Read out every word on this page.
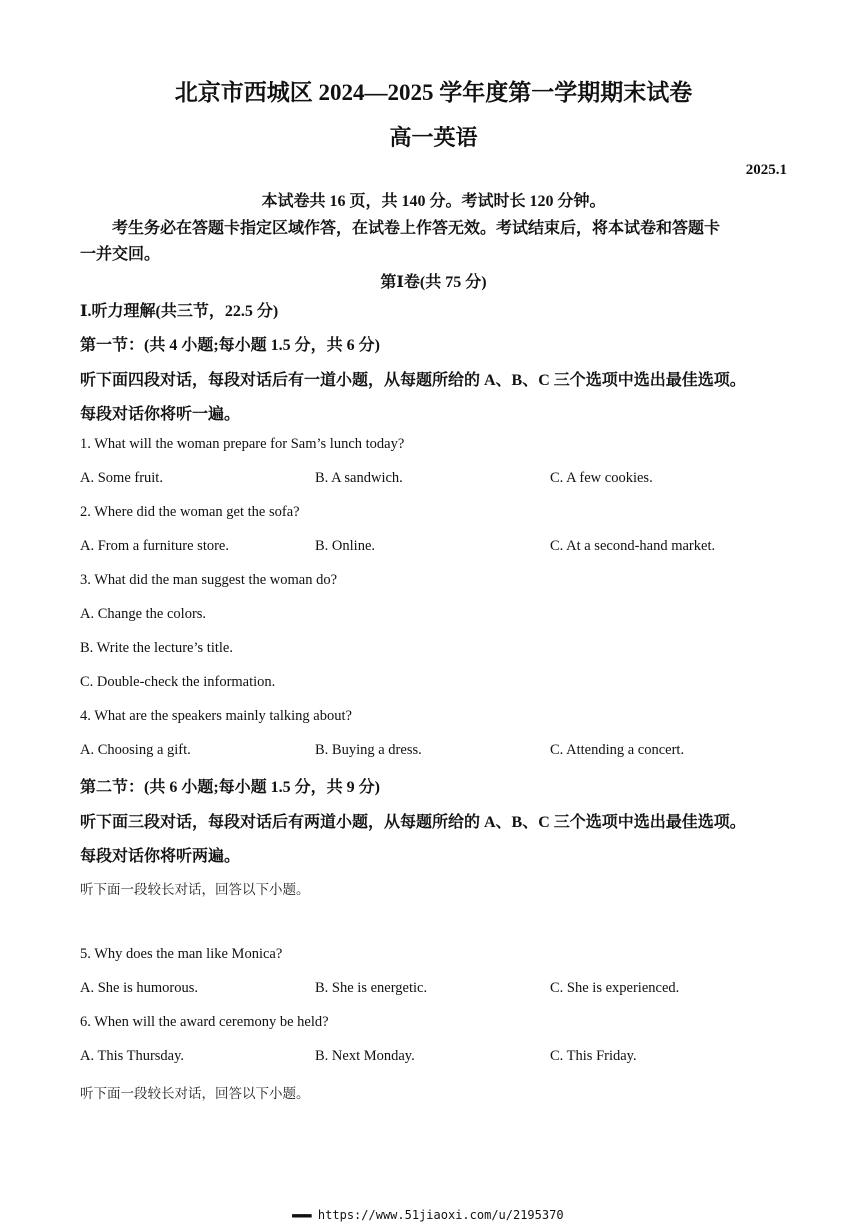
北京市西城区 2024—2025 学年度第一学期期末试卷
高一英语
2025.1
本试卷共 16 页，共 140 分。考试时长 120 分钟。
考生务必在答题卡指定区域作答，在试卷上作答无效。考试结束后，将本试卷和答题卡
一并交回。
第Ⅰ卷(共 75 分)
Ⅰ.听力理解(共三节，22.5 分)
第一节：(共 4 小题;每小题 1.5 分，共 6 分)
听下面四段对话，每段对话后有一道小题，从每题所给的 A、B、C 三个选项中选出最佳选项。
每段对话你将听一遍。
1. What will the woman prepare for Sam’s lunch today?
A. Some fruit.	B. A sandwich.	C. A few cookies.
2. Where did the woman get the sofa?
A. From a furniture store.	B. Online.	C. At a second-hand market.
3. What did the man suggest the woman do?
A. Change the colors.
B. Write the lecture’s title.
C. Double-check the information.
4. What are the speakers mainly talking about?
A. Choosing a gift.	B. Buying a dress.	C. Attending a concert.
第二节：(共 6 小题;每小题 1.5 分，共 9 分)
听下面三段对话，每段对话后有两道小题，从每题所给的 A、B、C 三个选项中选出最佳选项。
每段对话你将听两遍。
听下面一段较长对话，回答以下小题。
5. Why does the man like Monica?
A. She is humorous.	B. She is energetic.	C. She is experienced.
6. When will the award ceremony be held?
A. This Thursday.	B. Next Monday.	C. This Friday.
听下面一段较长对话，回答以下小题。
▬▬▬ https://www.51jiaoxi.com/u/2195370
